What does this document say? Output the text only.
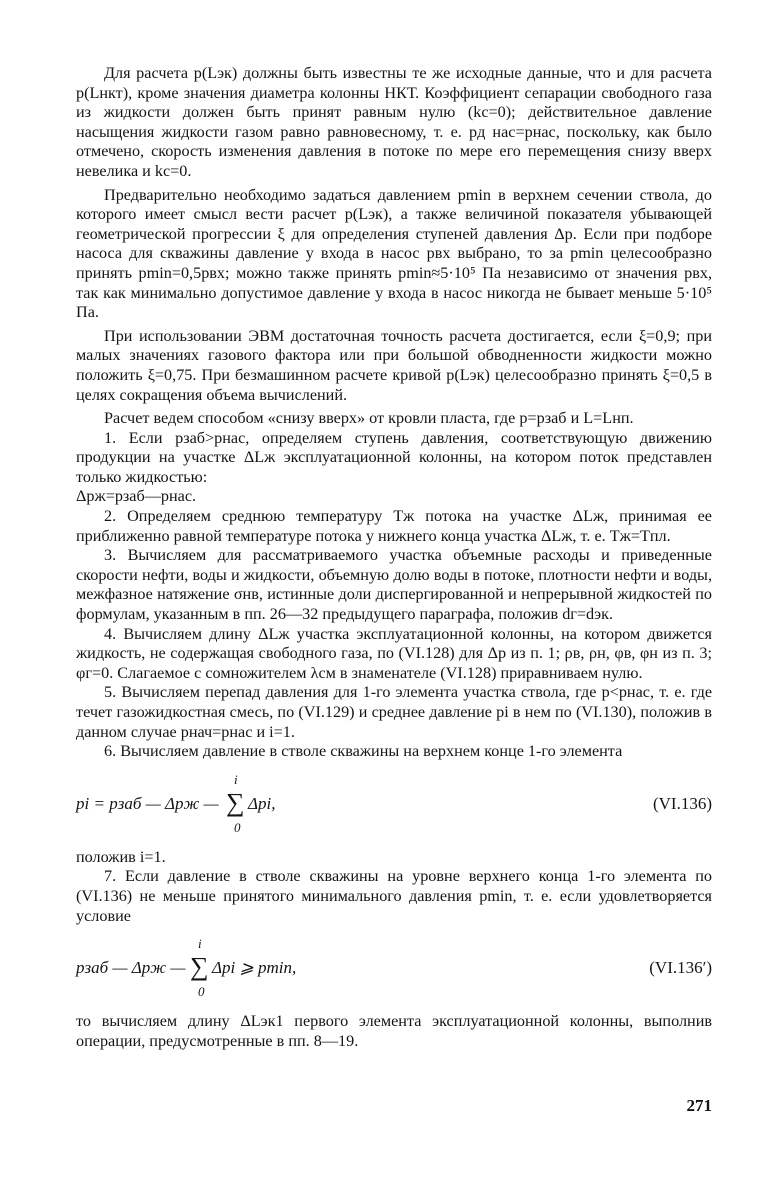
Для расчета p(Lэк) должны быть известны те же исходные данные, что и для расчета p(Lнкт), кроме значения диаметра колонны НКТ. Коэффициент сепарации свободного газа из жидкости должен быть принят равным нулю (kс=0); действительное давление насыщения жидкости газом равно равновесному, т. е. pд нас=pнас, поскольку, как было отмечено, скорость изменения давления в потоке по мере его перемещения снизу вверх невелика и kс=0.

Предварительно необходимо задаться давлением pmin в верхнем сечении ствола, до которого имеет смысл вести расчет p(Lэк), а также величиной показателя убывающей геометрической прогрессии ξ для определения ступеней давления Δp. Если при подборе насоса для скважины давление у входа в насос pвх выбрано, то за pmin целесообразно принять pmin=0,5pвх; можно также принять pmin≈5·10⁵ Па независимо от значения pвх, так как минимально допустимое давление у входа в насос никогда не бывает меньше 5·10⁵ Па.

При использовании ЭВМ достаточная точность расчета достигается, если ξ=0,9; при малых значениях газового фактора или при большой обводненности жидкости можно положить ξ=0,75. При безмашинном расчете кривой p(Lэк) целесообразно принять ξ=0,5 в целях сокращения объема вычислений.

Расчет ведем способом «снизу вверх» от кровли пласта, где p=pзаб и L=Lнп.

1. Если pзаб>pнас, определяем ступень давления, соответствующую движению продукции на участке ΔLж эксплуатационной колонны, на котором поток представлен только жидкостью:

Δpж=pзаб—pнас.

2. Определяем среднюю температуру Tж потока на участке ΔLж, принимая ее приближенно равной температуре потока у нижнего конца участка ΔLж, т. е. Tж=Tпл.

3. Вычисляем для рассматриваемого участка объемные расходы и приведенные скорости нефти, воды и жидкости, объемную долю воды в потоке, плотности нефти и воды, межфазное натяжение σнв, истинные доли диспергированной и непрерывной жидкостей по формулам, указанным в пп. 26—32 предыдущего параграфа, положив dг=dэк.

4. Вычисляем длину ΔLж участка эксплуатационной колонны, на котором движется жидкость, не содержащая свободного газа, по (VI.128) для Δp из п. 1; ρв, ρн, φв, φн из п. 3; φг=0. Слагаемое с сомножителем λсм в знаменателе (VI.128) приравниваем нулю.

5. Вычисляем перепад давления для 1-го элемента участка ствола, где p<pнас, т. е. где течет газожидкостная смесь, по (VI.129) и среднее давление pi в нем по (VI.130), положив в данном случае pнач=pнас и i=1.

6. Вычисляем давление в стволе скважины на верхнем конце 1-го элемента

pi = pзаб — Δpж —
i
∑
0
Δpi,	(VI.136)

положив i=1.

7. Если давление в стволе скважины на уровне верхнего конца 1-го элемента по (VI.136) не меньше принятого минимального давления pmin, т. е. если удовлетворяется условие

pзаб — Δpж —
i
∑
0
Δpi ⩾ pmin,	(VI.136′)

то вычисляем длину ΔLэк1 первого элемента эксплуатационной колонны, выполнив операции, предусмотренные в пп. 8—19.

271
